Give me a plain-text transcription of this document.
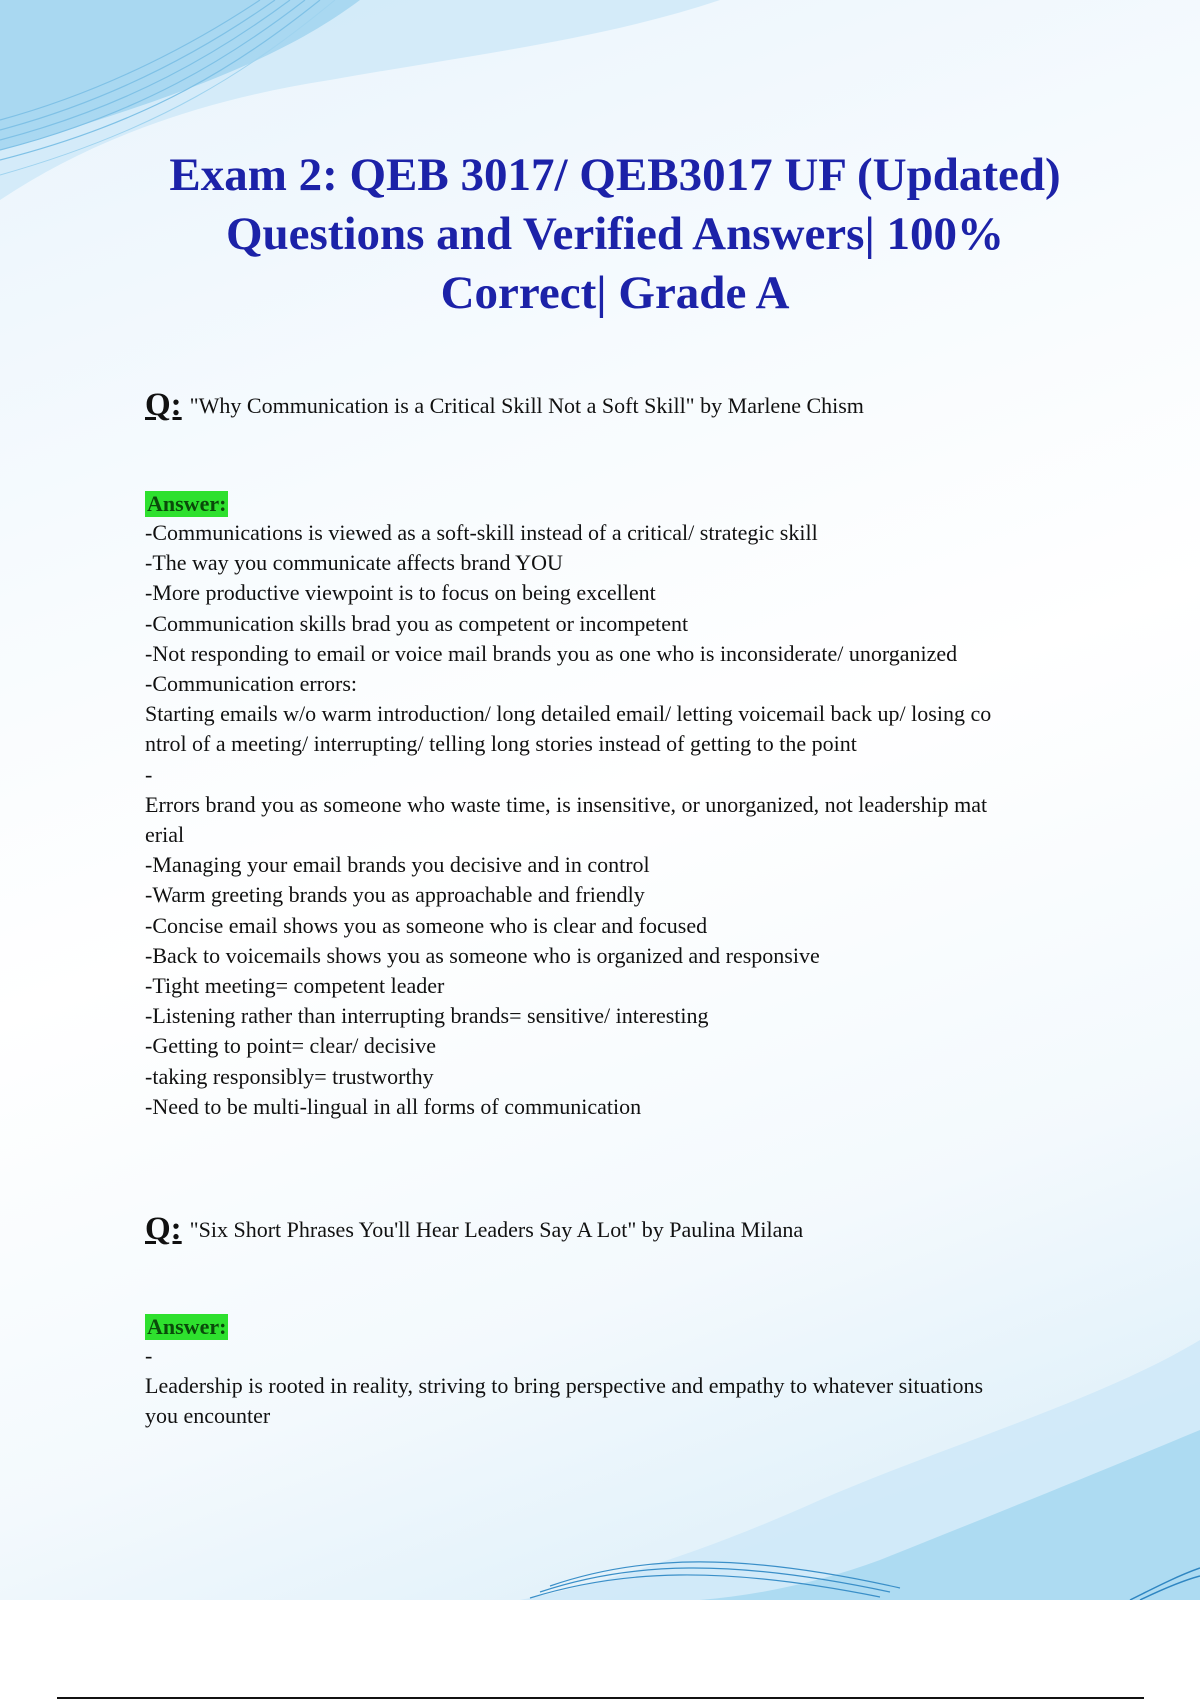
Exam 2: QEB 3017/ QEB3017 UF (Updated)
Questions and Verified Answers| 100%
Correct| Grade A
Q: "Why Communication is a Critical Skill Not a Soft Skill" by Marlene Chism
Answer:
-Communications is viewed as a soft-skill instead of a critical/ strategic skill
-The way you communicate affects brand YOU
-More productive viewpoint is to focus on being excellent
-Communication skills brad you as competent or incompetent
-Not responding to email or voice mail brands you as one who is inconsiderate/ unorganized
-Communication errors:
Starting emails w/o warm introduction/ long detailed email/ letting voicemail back up/ losing co
ntrol of a meeting/ interrupting/ telling long stories instead of getting to the point
-
Errors brand you as someone who waste time, is insensitive, or unorganized, not leadership mat
erial
-Managing your email brands you decisive and in control
-Warm greeting brands you as approachable and friendly
-Concise email shows you as someone who is clear and focused
-Back to voicemails shows you as someone who is organized and responsive
-Tight meeting= competent leader
-Listening rather than interrupting brands= sensitive/ interesting
-Getting to point= clear/ decisive
-taking responsibly= trustworthy
-Need to be multi-lingual in all forms of communication
Q: "Six Short Phrases You'll Hear Leaders Say A Lot" by Paulina Milana
Answer:
-
Leadership is rooted in reality, striving to bring perspective and empathy to whatever situations
you encounter
